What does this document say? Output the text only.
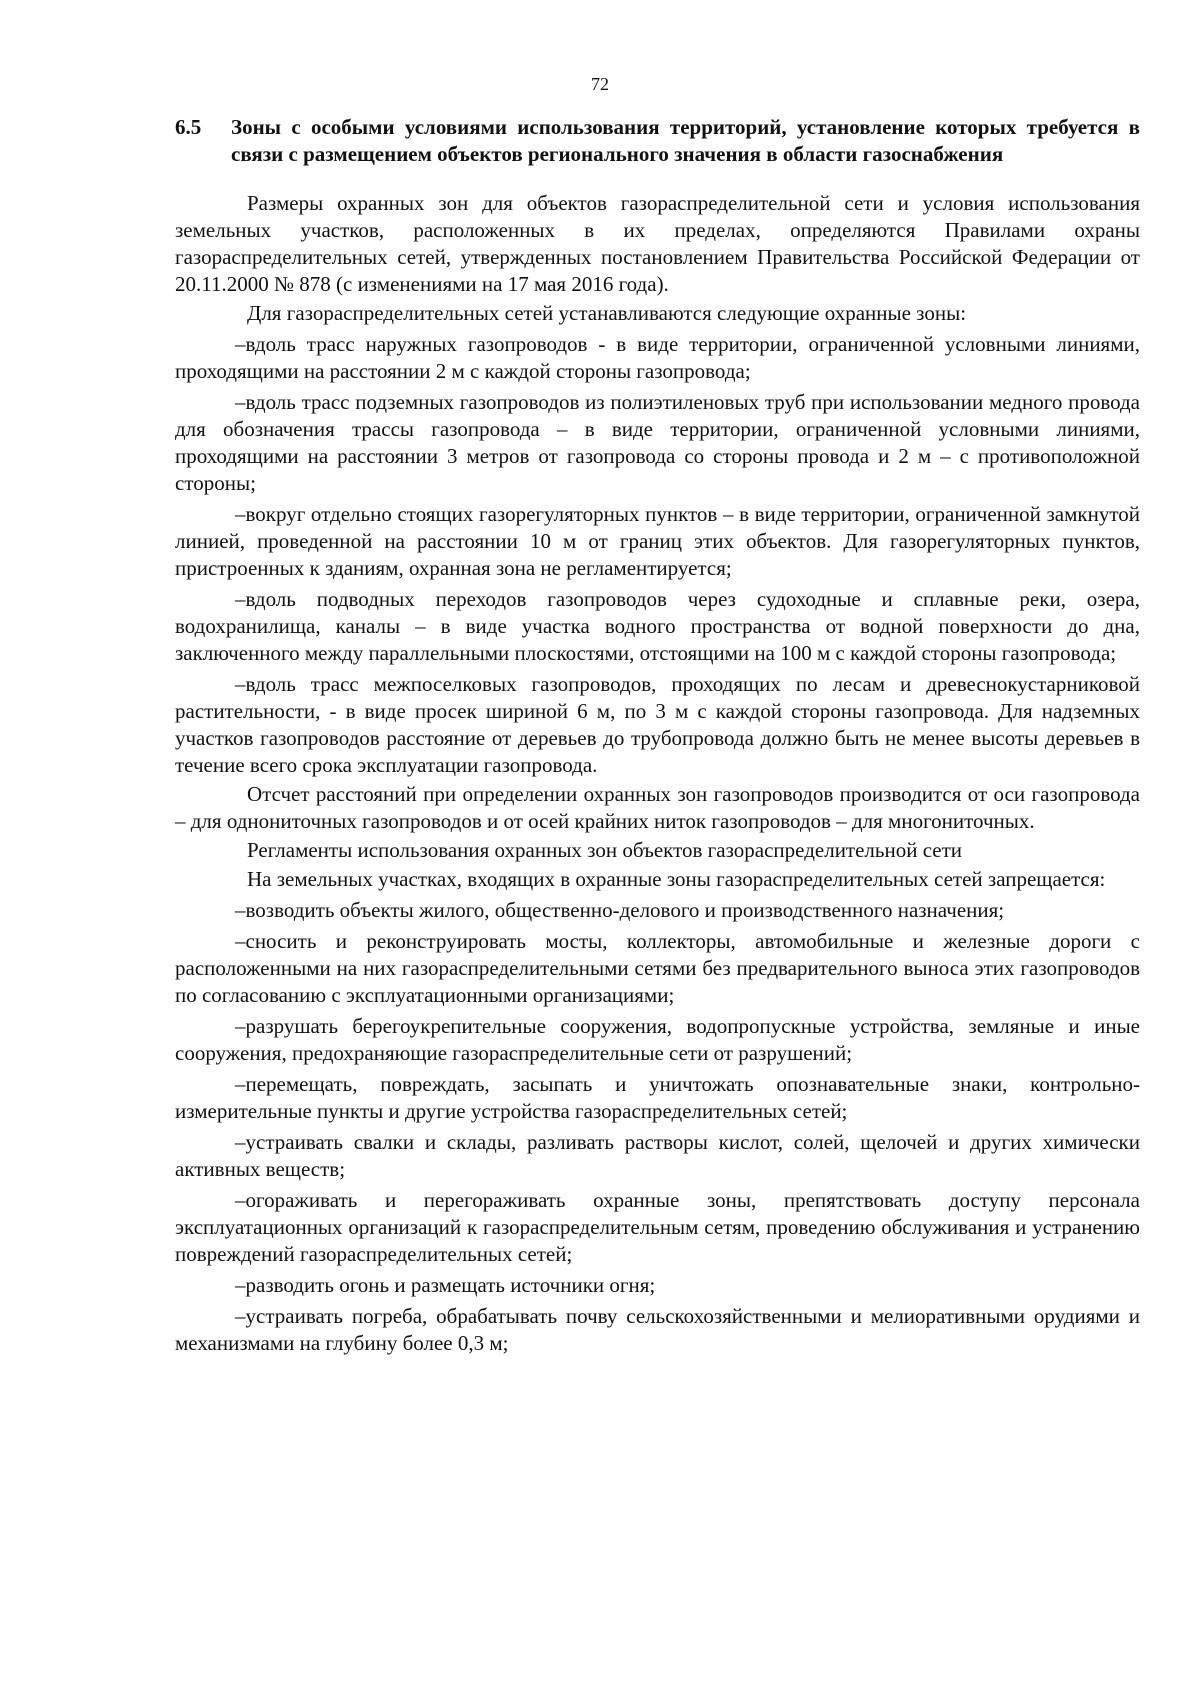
72
6.5	Зоны с особыми условиями использования территорий, установление которых требуется в связи с размещением объектов регионального значения в области газоснабжения

Размеры охранных зон для объектов газораспределительной сети и условия использования земельных участков, расположенных в их пределах, определяются Правилами охраны газораспределительных сетей, утвержденных постановлением Правительства Российской Федерации от 20.11.2000 № 878 (с изменениями на 17 мая 2016 года).

Для газораспределительных сетей устанавливаются следующие охранные зоны:

–вдоль трасс наружных газопроводов - в виде территории, ограниченной условными линиями, проходящими на расстоянии 2 м с каждой стороны газопровода;

–вдоль трасс подземных газопроводов из полиэтиленовых труб при использовании медного провода для обозначения трассы газопровода – в виде территории, ограниченной условными линиями, проходящими на расстоянии 3 метров от газопровода со стороны провода и 2 м – с противоположной стороны;

–вокруг отдельно стоящих газорегуляторных пунктов – в виде территории, ограниченной замкнутой линией, проведенной на расстоянии 10 м от границ этих объектов. Для газорегуляторных пунктов, пристроенных к зданиям, охранная зона не регламентируется;

–вдоль подводных переходов газопроводов через судоходные и сплавные реки, озера, водохранилища, каналы – в виде участка водного пространства от водной поверхности до дна, заключенного между параллельными плоскостями, отстоящими на 100 м с каждой стороны газопровода;

–вдоль трасс межпоселковых газопроводов, проходящих по лесам и древеснокустарниковой растительности, - в виде просек шириной 6 м, по 3 м с каждой стороны газопровода. Для надземных участков газопроводов расстояние от деревьев до трубопровода должно быть не менее высоты деревьев в течение всего срока эксплуатации газопровода.

Отсчет расстояний при определении охранных зон газопроводов производится от оси газопровода – для однониточных газопроводов и от осей крайних ниток газопроводов – для многониточных.

Регламенты использования охранных зон объектов газораспределительной сети

На земельных участках, входящих в охранные зоны газораспределительных сетей запрещается:

–возводить объекты жилого, общественно-делового и производственного назначения;

–сносить и реконструировать мосты, коллекторы, автомобильные и железные дороги с расположенными на них газораспределительными сетями без предварительного выноса этих газопроводов по согласованию с эксплуатационными организациями;

–разрушать берегоукрепительные сооружения, водопропускные устройства, земляные и иные сооружения, предохраняющие газораспределительные сети от разрушений;

–перемещать, повреждать, засыпать и уничтожать опознавательные знаки, контрольно-измерительные пункты и другие устройства газораспределительных сетей;

–устраивать свалки и склады, разливать растворы кислот, солей, щелочей и других химически активных веществ;

–огораживать и перегораживать охранные зоны, препятствовать доступу персонала эксплуатационных организаций к газораспределительным сетям, проведению обслуживания и устранению повреждений газораспределительных сетей;

–разводить огонь и размещать источники огня;

–устраивать погреба, обрабатывать почву сельскохозяйственными и мелиоративными орудиями и механизмами на глубину более 0,3 м;
